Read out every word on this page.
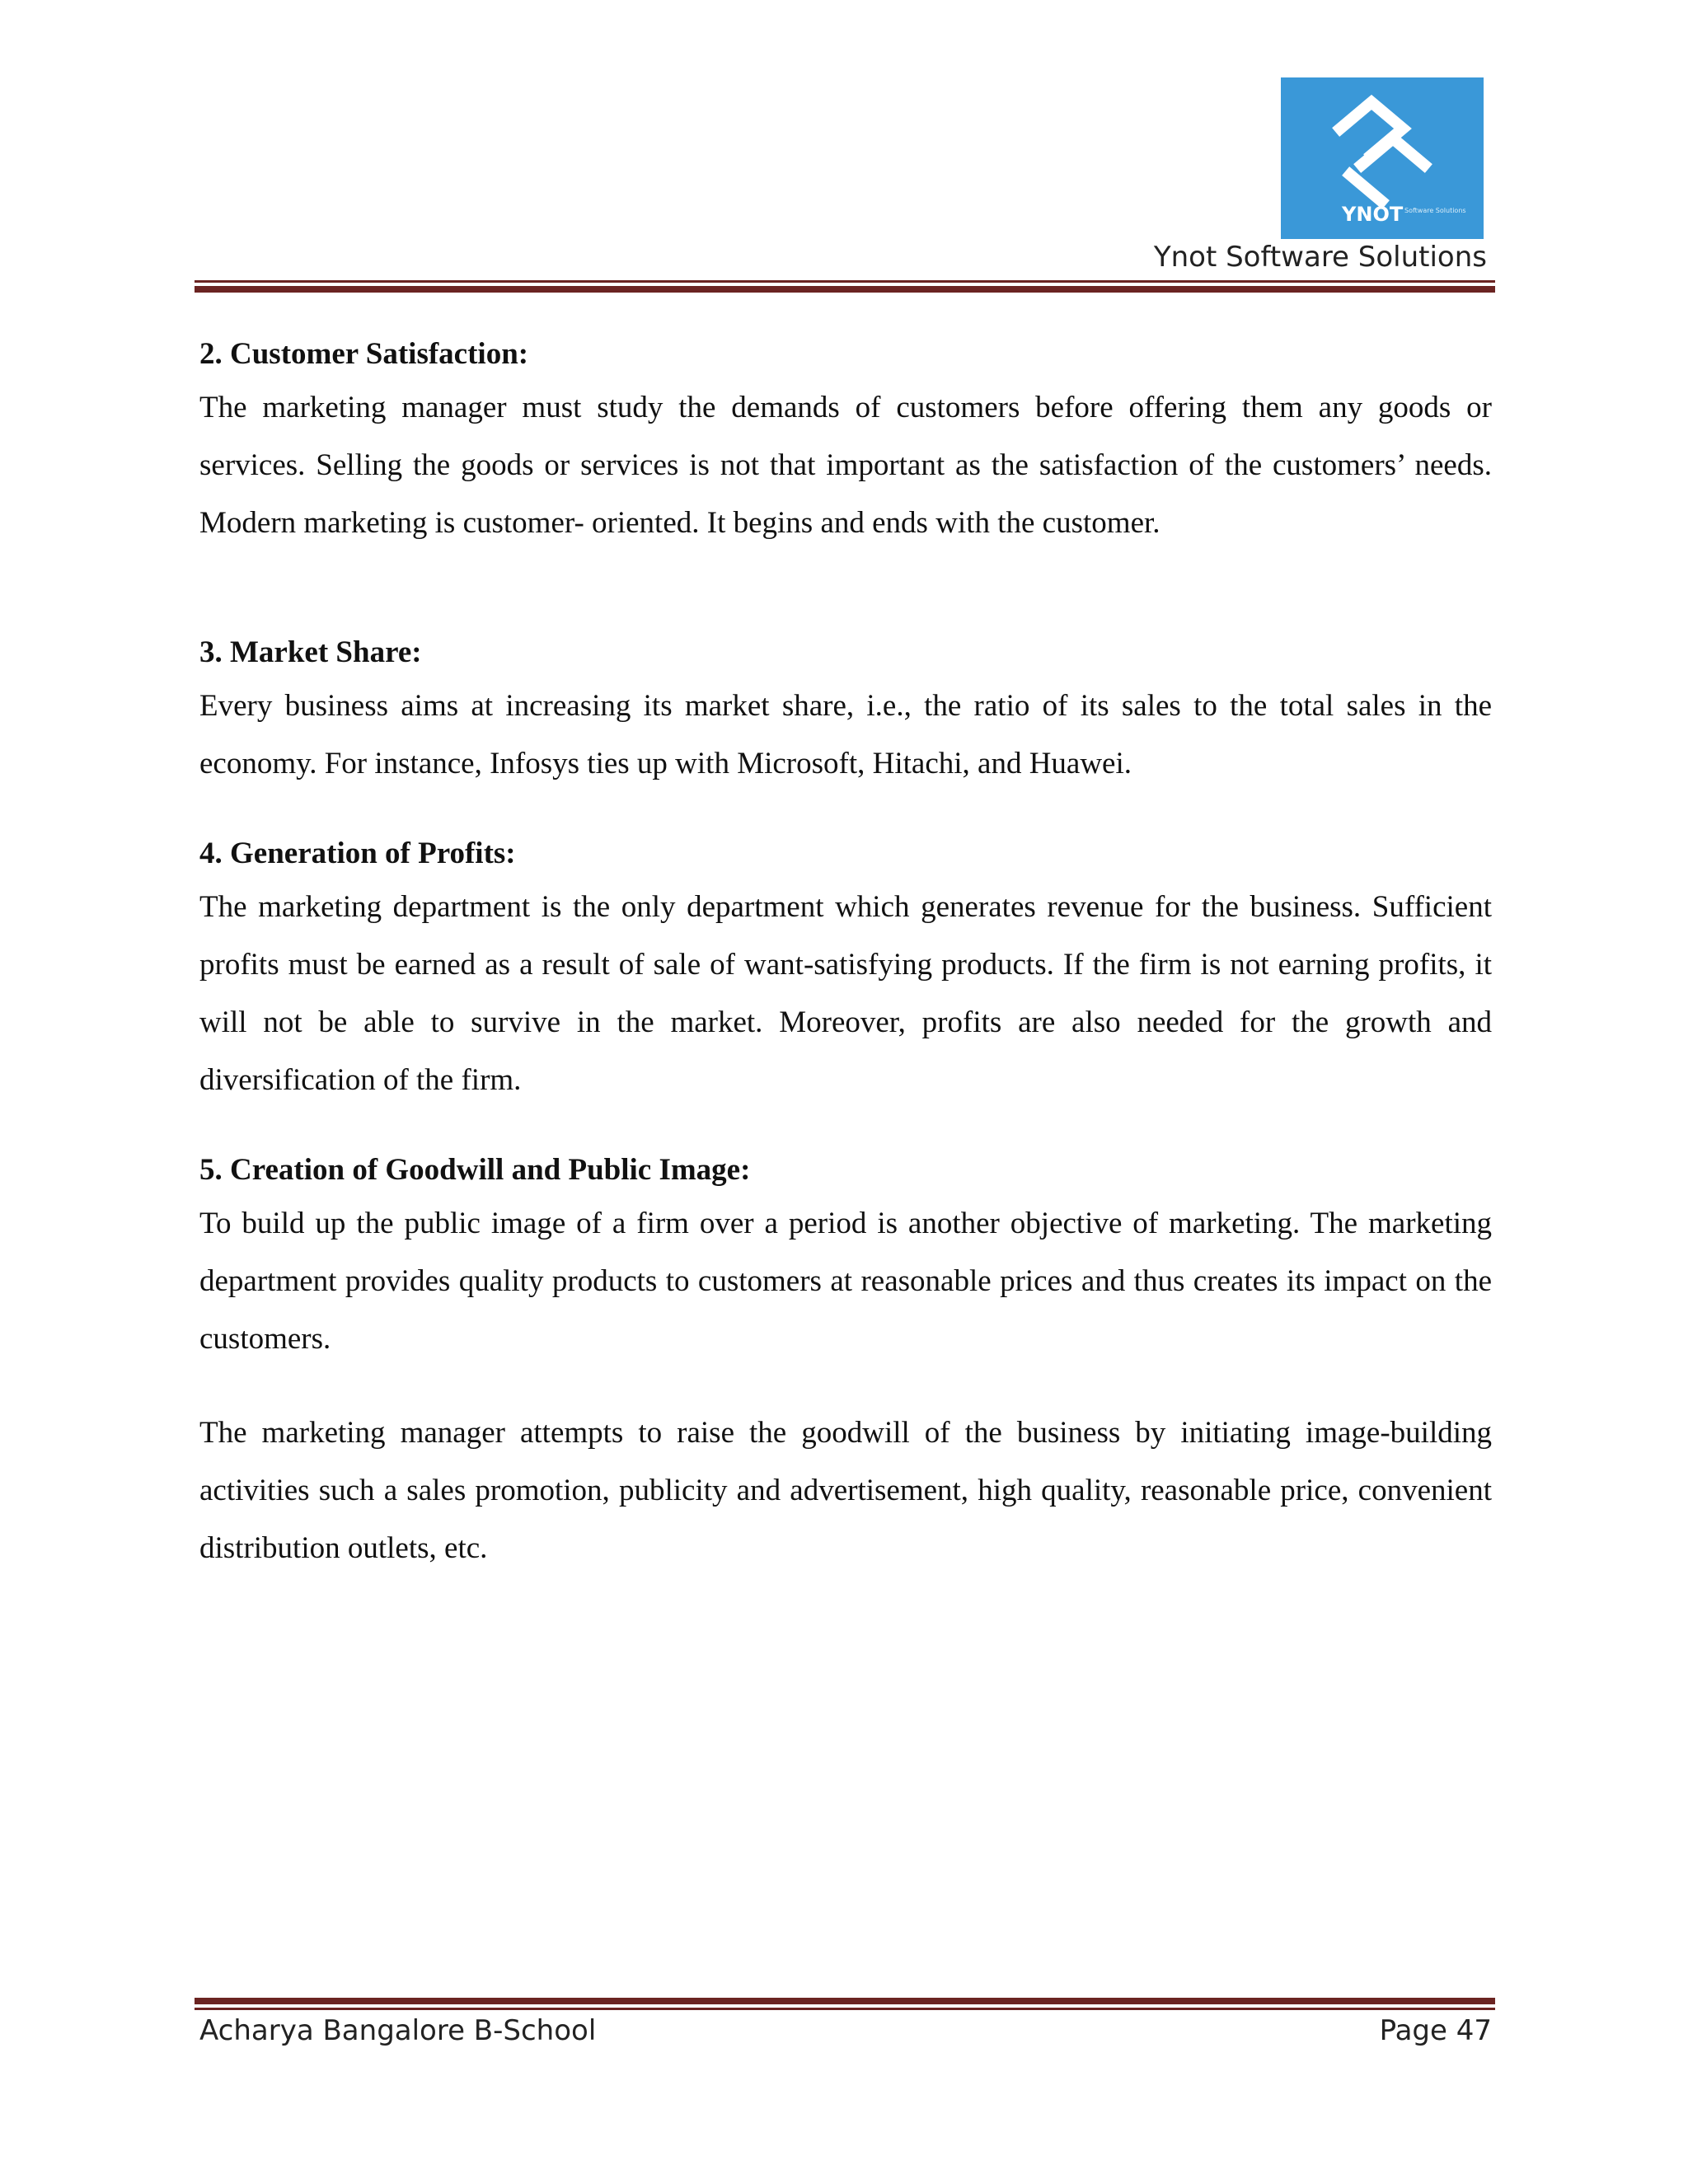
YNOT Software Solutions
Ynot Software Solutions

2. Customer Satisfaction:

The marketing manager must study the demands of customers before offering them any goods or services. Selling the goods or services is not that important as the satisfaction of the customers’ needs. Modern marketing is customer- oriented. It begins and ends with the customer.

3. Market Share:

Every business aims at increasing its market share, i.e., the ratio of its sales to the total sales in the economy. For instance, Infosys ties up with Microsoft, Hitachi, and Huawei.

4. Generation of Profits:

The marketing department is the only department which generates revenue for the business. Sufficient profits must be earned as a result of sale of want-satisfying products. If the firm is not earning profits, it will not be able to survive in the market. Moreover, profits are also needed for the growth and diversification of the firm.

5. Creation of Goodwill and Public Image:

To build up the public image of a firm over a period is another objective of marketing. The marketing department provides quality products to customers at reasonable prices and thus creates its impact on the customers.

The marketing manager attempts to raise the goodwill of the business by initiating image-building activities such a sales promotion, publicity and advertisement, high quality, reasonable price, convenient distribution outlets, etc.

Acharya Bangalore B-School	Page 47
